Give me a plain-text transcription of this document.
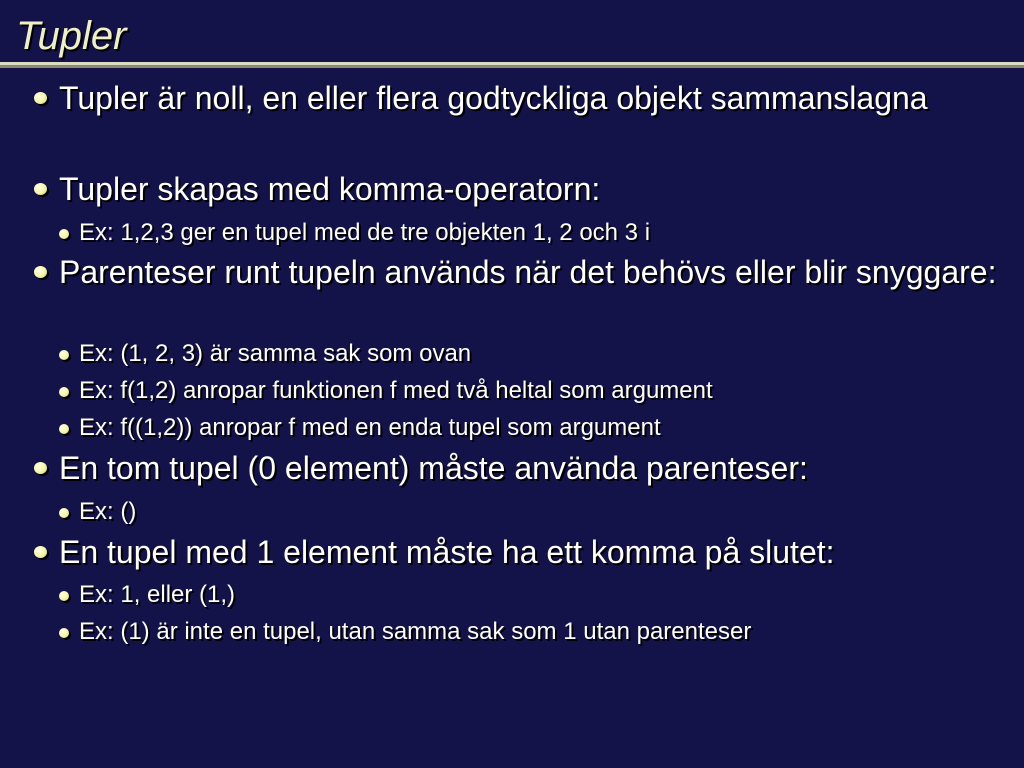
Tupler
Tupler är noll, en eller flera godtyckliga objekt sammanslagna
Tupler skapas med komma-operatorn:
Ex: 1,2,3 ger en tupel med de tre objekten 1, 2 och 3 i
Parenteser runt tupeln används när det behövs eller blir snyggare:
Ex: (1, 2, 3) är samma sak som ovan
Ex: f(1,2) anropar funktionen f med två heltal som argument
Ex: f((1,2)) anropar f med en enda tupel som argument
En tom tupel (0 element) måste använda parenteser:
Ex: ()
En tupel med 1 element måste ha ett komma på slutet:
Ex: 1, eller (1,)
Ex: (1) är inte en tupel, utan samma sak som 1 utan parenteser
